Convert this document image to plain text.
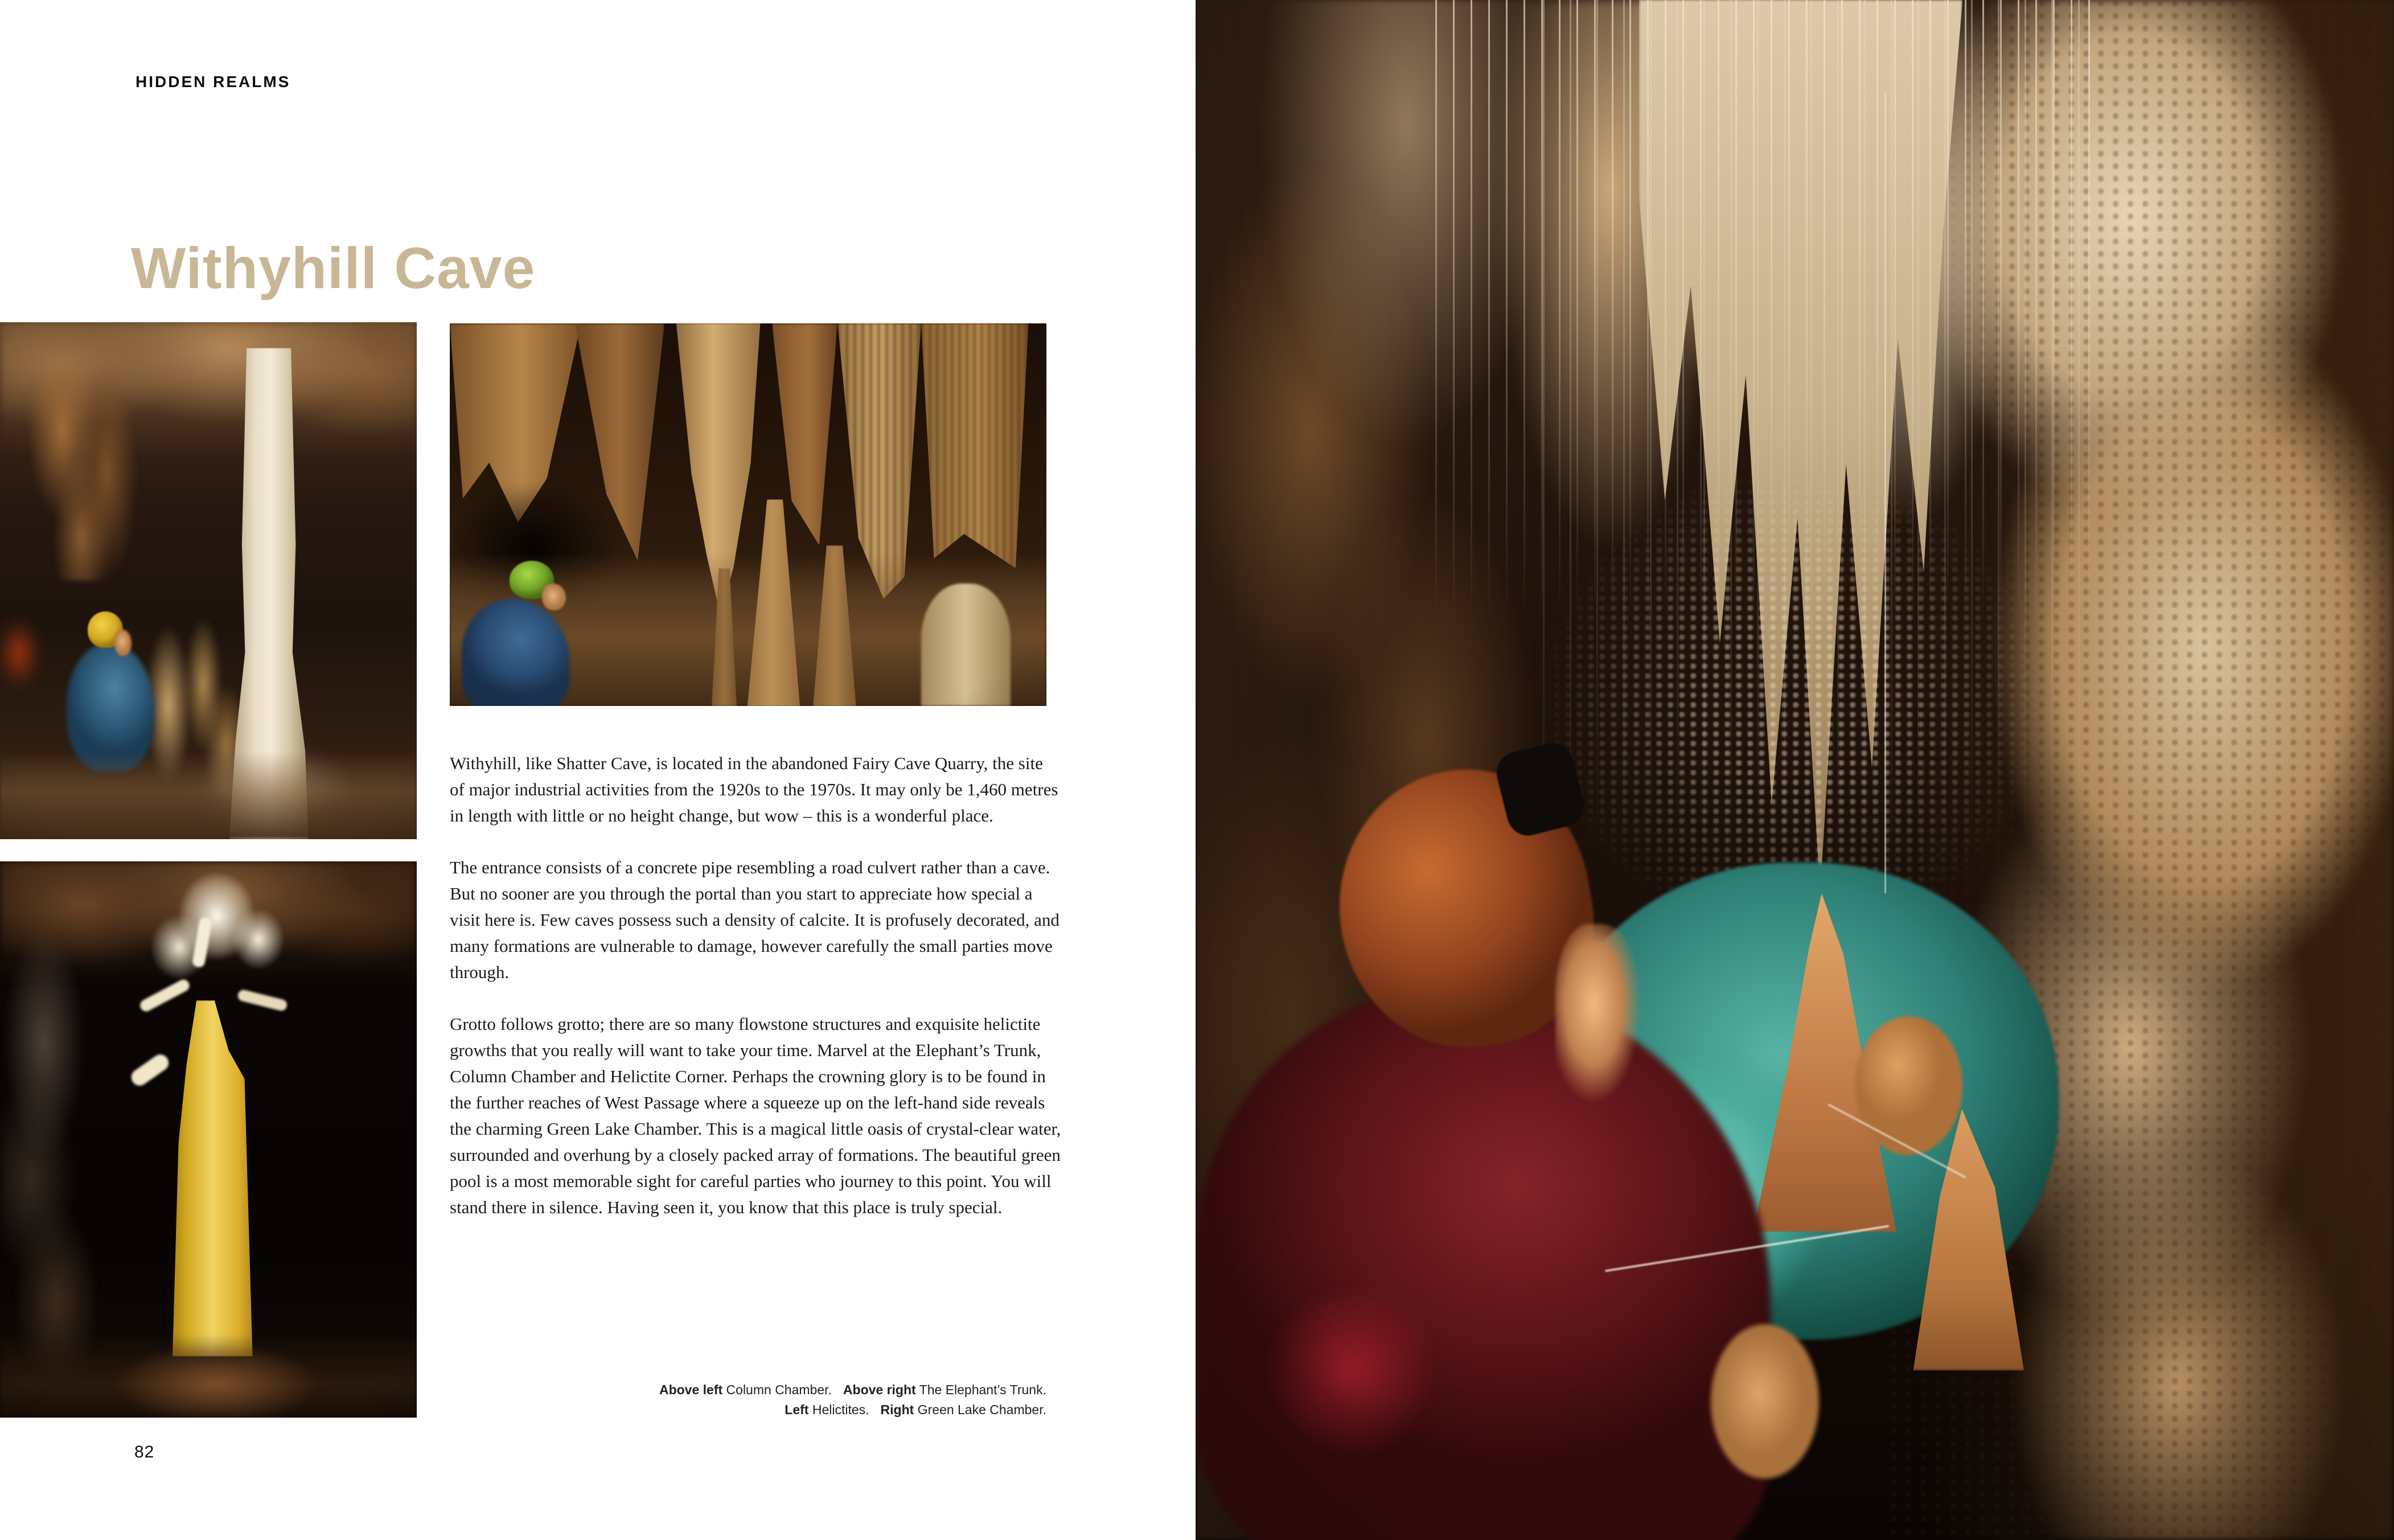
HIDDEN REALMS
Withyhill Cave

Withyhill, like Shatter Cave, is located in the abandoned Fairy Cave Quarry, the site of major industrial activities from the 1920s to the 1970s. It may only be 1,460 metres in length with little or no height change, but wow – this is a wonderful place.

The entrance consists of a concrete pipe resembling a road culvert rather than a cave. But no sooner are you through the portal than you start to appreciate how special a visit here is. Few caves possess such a density of calcite. It is profusely decorated, and many formations are vulnerable to damage, however carefully the small parties move through.

Grotto follows grotto; there are so many flowstone structures and exquisite helictite growths that you really will want to take your time. Marvel at the Elephant’s Trunk, Column Chamber and Helictite Corner. Perhaps the crowning glory is to be found in the further reaches of West Passage where a squeeze up on the left-hand side reveals the charming Green Lake Chamber. This is a magical little oasis of crystal-clear water, surrounded and overhung by a closely packed array of formations. The beautiful green pool is a most memorable sight for careful parties who journey to this point. You will stand there in silence. Having seen it, you know that this place is truly special.

Above left Column Chamber. Above right The Elephant’s Trunk.
Left Helictites. Right Green Lake Chamber.
82
